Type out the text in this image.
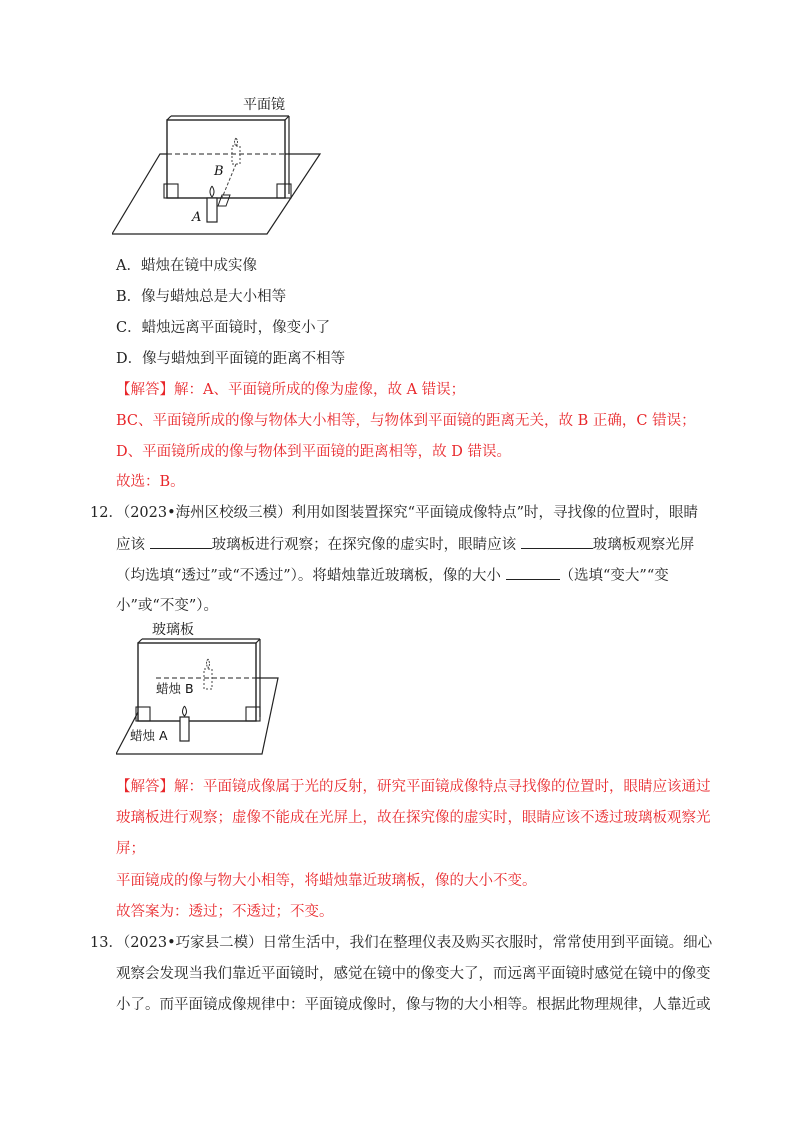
平面镜
B
A
A．蜡烛在镜中成实像
B．像与蜡烛总是大小相等
C．蜡烛远离平面镜时，像变小了
D．像与蜡烛到平面镜的距离不相等
【解答】解：A、平面镜所成的像为虚像，故 A 错误；
BC、平面镜所成的像与物体大小相等，与物体到平面镜的距离无关，故 B 正确，C 错误；
D、平面镜所成的像与物体到平面镜的距离相等，故 D 错误。
故选：B。
12．（2023•海州区校级三模）利用如图装置探究“平面镜成像特点”时，寻找像的位置时，眼睛
应该	玻璃板进行观察；在探究像的虚实时，眼睛应该	玻璃板观察光屏
（均选填“透过”或“不透过”）。将蜡烛靠近玻璃板，像的大小	（选填“变大”“变
小”或“不变”）。
玻璃板
蜡烛 B
蜡烛 A
【解答】解：平面镜成像属于光的反射，研究平面镜成像特点寻找像的位置时，眼睛应该通过
玻璃板进行观察；虚像不能成在光屏上，故在探究像的虚实时，眼睛应该不透过玻璃板观察光
屏；
平面镜成的像与物大小相等，将蜡烛靠近玻璃板，像的大小不变。
故答案为：透过；不透过；不变。
13．（2023•巧家县二模）日常生活中，我们在整理仪表及购买衣服时，常常使用到平面镜。细心
观察会发现当我们靠近平面镜时，感觉在镜中的像变大了，而远离平面镜时感觉在镜中的像变
小了。而平面镜成像规律中：平面镜成像时，像与物的大小相等。根据此物理规律，人靠近或
